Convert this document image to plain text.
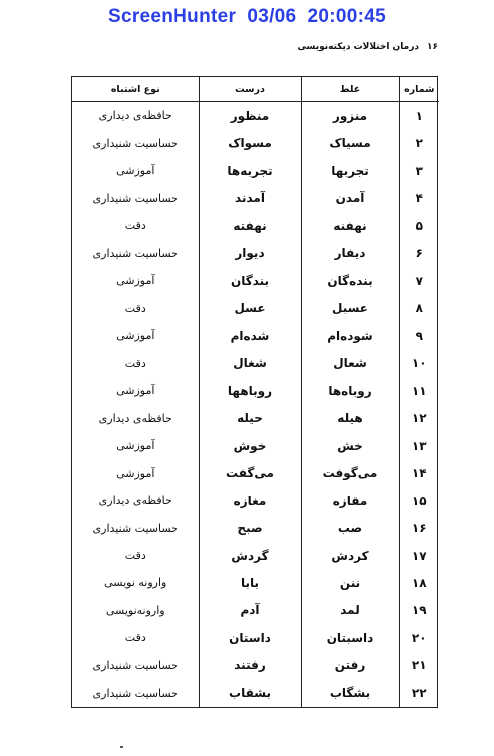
ScreenHunter  03/06  20:00:45
۱۶
درمان اختلالات دیکته‌نویسی
شماره	غلط	درست	نوع اشتباه
۱	منزور	منظور	حافظه‌ی دیداری
۲	مسیاک	مسواک	حساسیت شنیداری
۳	تجربها	تجربه‌ها	آموزشی
۴	آمدن	آمدند	حساسیت شنیداری
۵	نهفنه	نهفته	دقت
۶	دیفار	دیوار	حساسیت شنیداری
۷	بنده‌گان	بندگان	آموزشی
۸	عسبل	عسل	دقت
۹	شوده‌ام	شده‌ام	آموزشی
۱۰	شعال	شغال	دقت
۱۱	روباه‌ها	روباهها	آموزشی
۱۲	هیله	حیله	حافظه‌ی دیداری
۱۳	خش	خوش	آموزشی
۱۴	می‌گوفت	می‌گفت	آموزشی
۱۵	مقازه	مغازه	حافظه‌ی دیداری
۱۶	صب	صبح	حساسیت شنیداری
۱۷	کردش	گردش	دقت
۱۸	ننن	بابا	وارونه نویسی
۱۹	لمد	آدم	وارونه‌نویسی
۲۰	داسبتان	داستان	دقت
۲۱	رفتن	رفتند	حساسیت شنیداری
۲۲	بشگاب	بشقاب	حساسیت شنیداری
